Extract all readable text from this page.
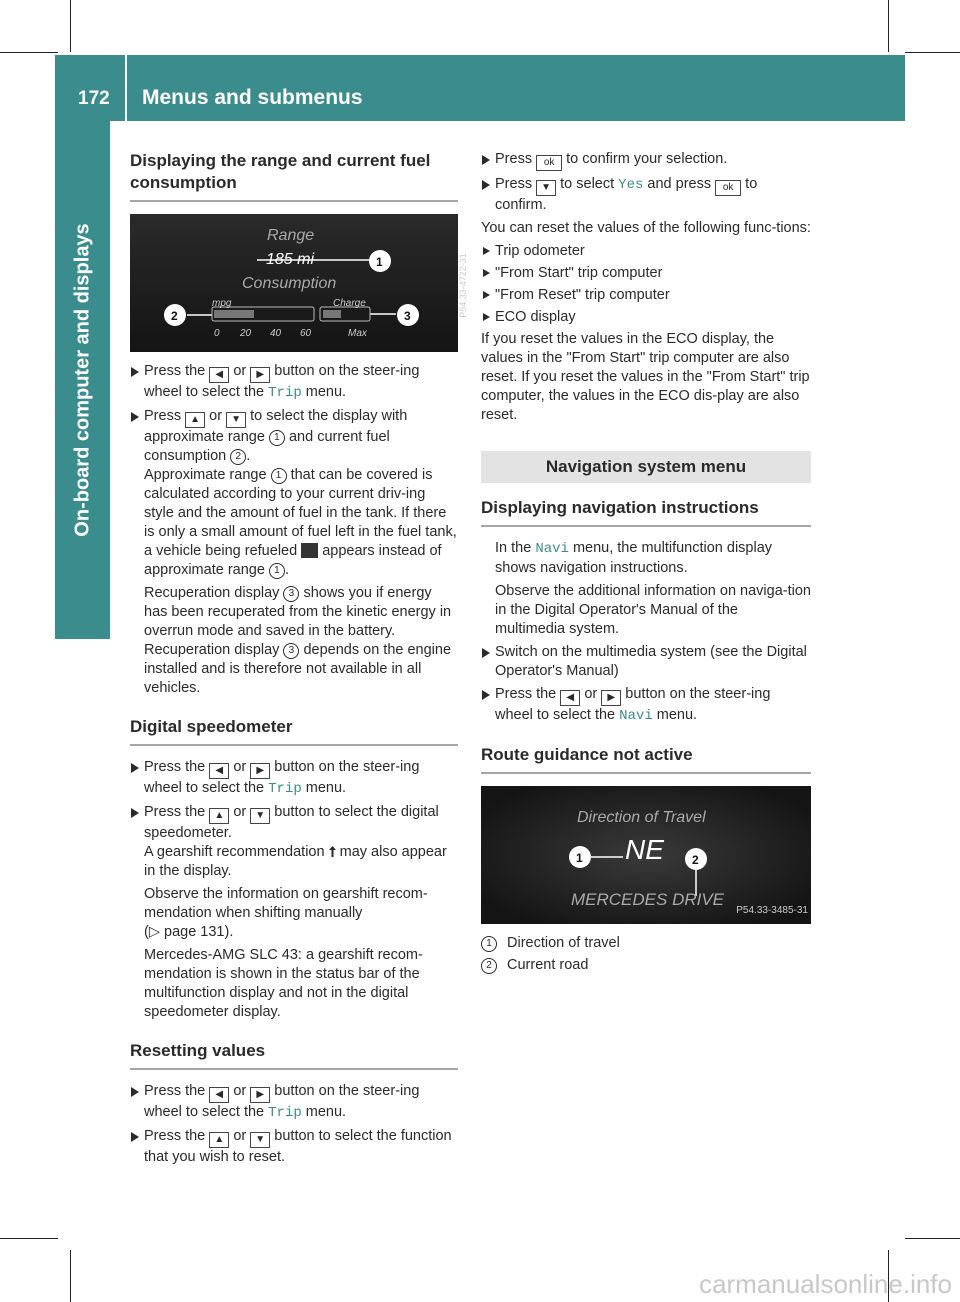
172 Menus and submenus
On-board computer and displays
Displaying the range and current fuel consumption
Range
185 mi
Consumption
mpg	Charge
0 20 40 60	Max
1
2	3	P54.33-4722-31
Press the ◀ or ▶ button on the steer-ing wheel to select the Trip menu.
Press ▲ or ▼ to select the display with approximate range 1 and current fuel consumption 2 .
Approximate range 1 that can be covered is calculated according to your current driv-ing style and the amount of fuel in the tank. If there is only a small amount of fuel left in the fuel tank, a vehicle being refueled appears instead of approximate range 1 .

Recuperation display 3 shows you if energy has been recuperated from the kinetic energy in overrun mode and saved in the battery. Recuperation display 3 depends on the engine installed and is therefore not available in all vehicles.

Digital speedometer
Press the ◀ or ▶ button on the steer-ing wheel to select the Trip menu.
Press the ▲ or ▼ button to select the digital speedometer.
A gearshift recommendation may also appear in the display.

Observe the information on gearshift recom-mendation when shifting manually
(▷ page 131).

Mercedes-AMG SLC 43: a gearshift recom-mendation is shown in the status bar of the multifunction display and not in the digital speedometer display.

Resetting values
Press the ◀ or ▶ button on the steer-ing wheel to select the Trip menu.
Press the ▲ or ▼ button to select the function that you wish to reset.
Press ok to confirm your selection.
Press ▼ to select Yes and press ok to confirm.

You can reset the values of the following func-tions:

Trip odometer
"From Start" trip computer
"From Reset" trip computer
ECO display

If you reset the values in the ECO display, the values in the "From Start" trip computer are also reset. If you reset the values in the "From Start" trip computer, the values in the ECO dis-play are also reset.

Navigation system menu
Displaying navigation instructions

In the Navi menu, the multifunction display shows navigation instructions.

Observe the additional information on naviga-tion in the Digital Operator's Manual of the multimedia system.

Switch on the multimedia system (see the Digital Operator's Manual)
Press the ◀ or ▶ button on the steer-ing wheel to select the Navi menu.
Route guidance not active
Direction of Travel
NE
MERCEDES DRIVE
1	2
P54.33-3485-31
1	Direction of travel
2	Current road
carmanualsonline.info
